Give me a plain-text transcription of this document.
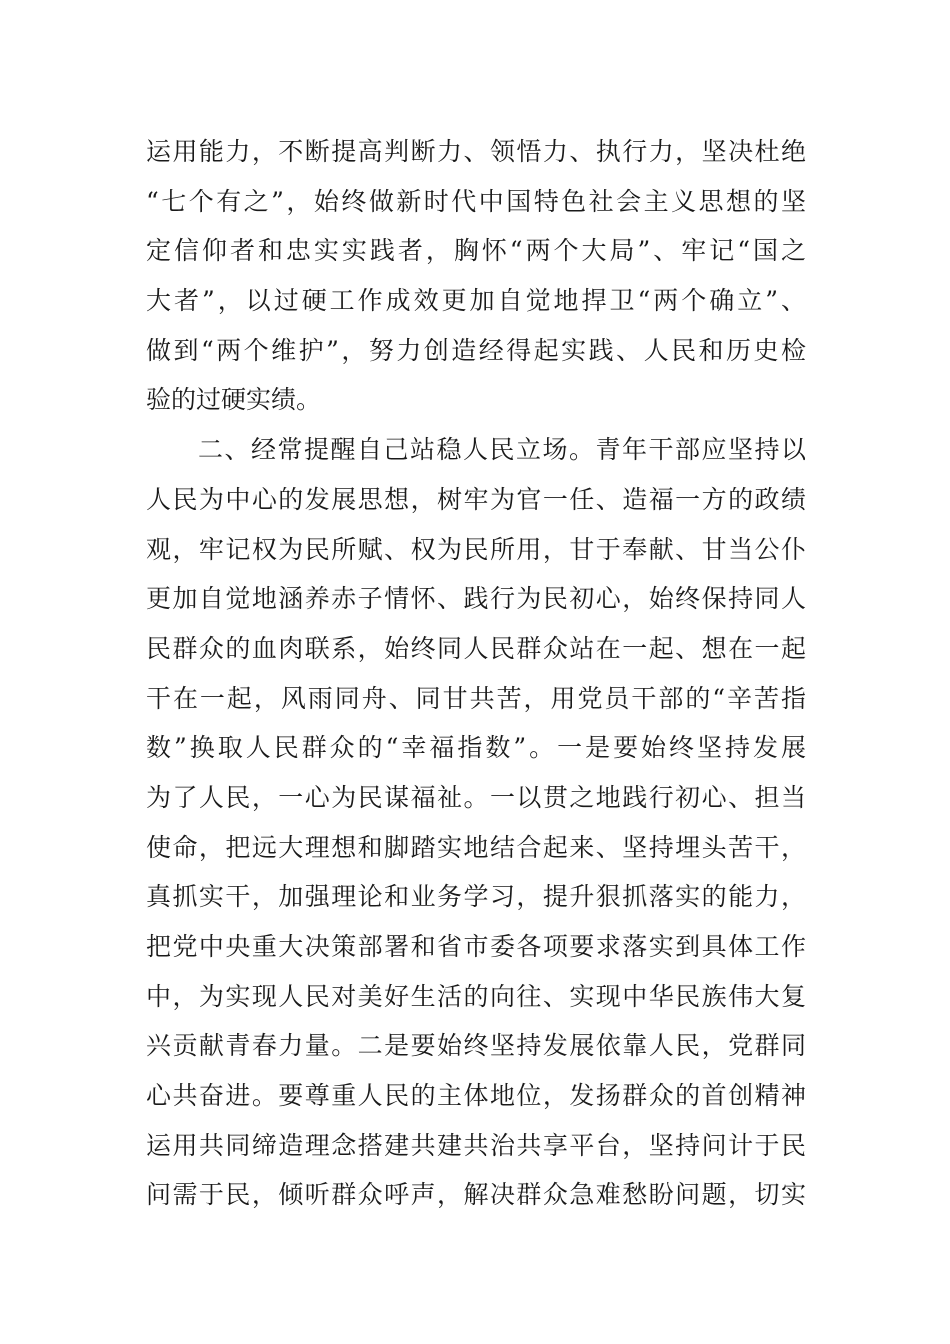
运用能力，不断提高判断力、领悟力、执行力，坚决杜绝
“七个有之”，始终做新时代中国特色社会主义思想的坚
定信仰者和忠实实践者，胸怀“两个大局”、牢记“国之
大者”，以过硬工作成效更加自觉地捍卫“两个确立”、
做到“两个维护”，努力创造经得起实践、人民和历史检
验的过硬实绩。
二、经常提醒自己站稳人民立场。青年干部应坚持以
人民为中心的发展思想，树牢为官一任、造福一方的政绩
观，牢记权为民所赋、权为民所用，甘于奉献、甘当公仆
更加自觉地涵养赤子情怀、践行为民初心，始终保持同人
民群众的血肉联系，始终同人民群众站在一起、想在一起
干在一起，风雨同舟、同甘共苦，用党员干部的“辛苦指
数”换取人民群众的“幸福指数”。一是要始终坚持发展
为了人民，一心为民谋福祉。一以贯之地践行初心、担当
使命，把远大理想和脚踏实地结合起来、坚持埋头苦干，
真抓实干，加强理论和业务学习，提升狠抓落实的能力，
把党中央重大决策部署和省市委各项要求落实到具体工作
中，为实现人民对美好生活的向往、实现中华民族伟大复
兴贡献青春力量。二是要始终坚持发展依靠人民，党群同
心共奋进。要尊重人民的主体地位，发扬群众的首创精神
运用共同缔造理念搭建共建共治共享平台，坚持问计于民
问需于民，倾听群众呼声，解决群众急难愁盼问题，切实
